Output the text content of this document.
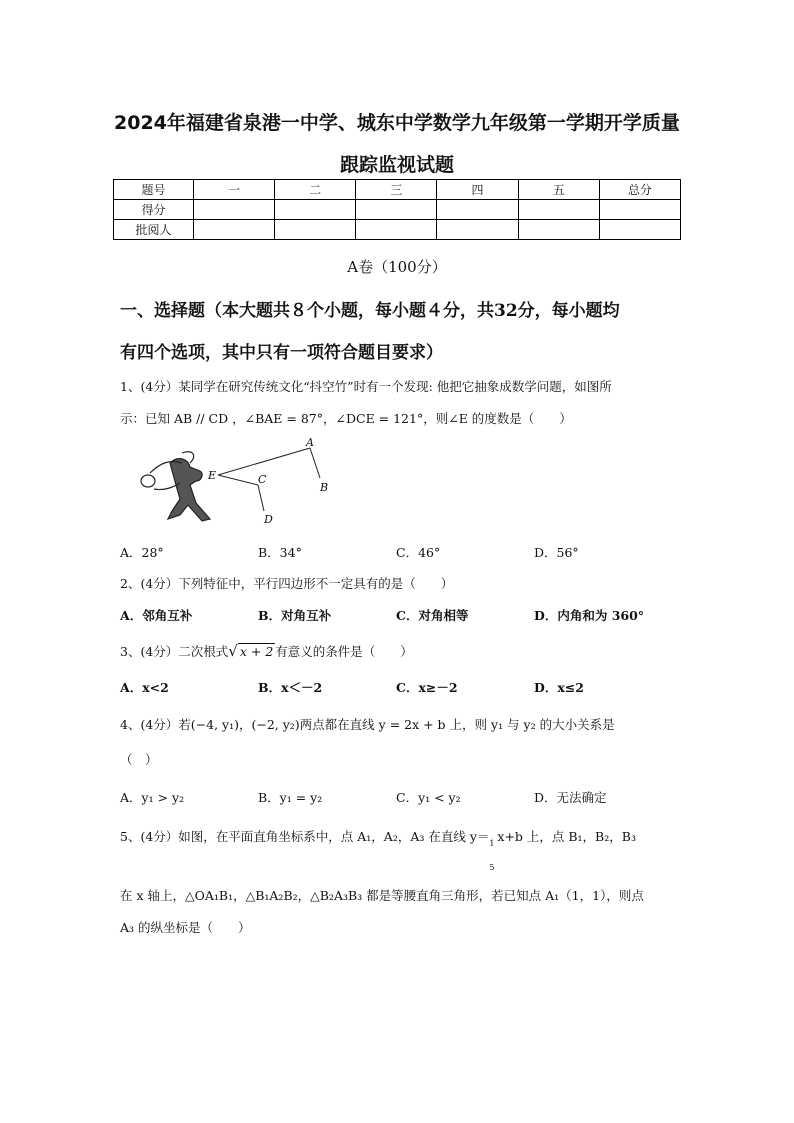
2024年福建省泉港一中学、城东中学数学九年级第一学期开学质量
跟踪监视试题
题号	一	二	三	四	五	总分
得分						
批阅人						
A卷（100分）
一、选择题（本大题共８个小题，每小题４分，共32分，每小题均
有四个选项，其中只有一项符合题目要求）
1、(4分）某同学在研究传统文化“抖空竹”时有一个发现: 他把它抽象成数学问题，如图所
示：已知 AB // CD ，∠BAE = 87°，∠DCE = 121°，则∠E 的度数是（　　）
A
B
E	C
D
A．28°	B．34°	C．46°	D．56°
2、(4分）下列特征中，平行四边形不一定具有的是（　　）
A．邻角互补	B．对角互补	C．对角相等	D．内角和为 360°
3、(4分）二次根式√ x + 2 有意义的条件是（　　）
A．x<2	B．x＜－2	C．x≥－2	D．x≤2
4、(4分）若(−4, y₁)，(−2, y₂)两点都在直线 y = 2x + b 上，则 y₁ 与 y₂ 的大小关系是
（　）
A．y₁ > y₂	B．y₁ = y₂	C．y₁ < y₂	D．无法确定
5、(4分）如图，在平面直角坐标系中，点 A₁，A₂，A₃ 在直线 y＝ 1
5
x+b 上，点 B₁，B₂，B₃
在 x 轴上，△OA₁B₁，△B₁A₂B₂，△B₂A₃B₃ 都是等腰直角三角形，若已知点 A₁（1，1），则点
A₃ 的纵坐标是（　　）
